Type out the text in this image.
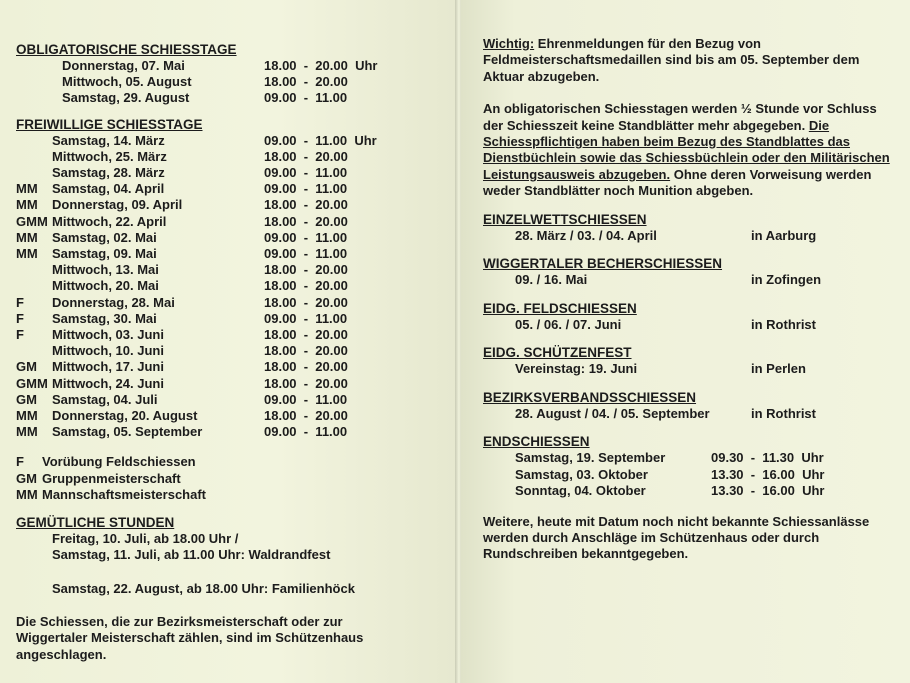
OBLIGATORISCHE SCHIESSTAGE

Donnerstag, 07. Mai	18.00  -  20.00  Uhr
Mittwoch, 05. August	18.00  -  20.00
Samstag, 29. August	09.00  -  11.00

FREIWILLIGE SCHIESSTAGE

Samstag, 14. März	09.00  -  11.00  Uhr
Mittwoch, 25. März	18.00  -  20.00
Samstag, 28. März	09.00  -  11.00
MM	Samstag, 04. April	09.00  -  11.00
MM	Donnerstag, 09. April	18.00  -  20.00
GMM Mittwoch, 22. April	18.00  -  20.00
MM	Samstag, 02. Mai	09.00  -  11.00
MM	Samstag, 09. Mai	09.00  -  11.00
Mittwoch, 13. Mai	18.00  -  20.00
Mittwoch, 20. Mai	18.00  -  20.00
F	Donnerstag, 28. Mai	18.00  -  20.00
F	Samstag, 30. Mai	09.00  -  11.00
F	Mittwoch, 03. Juni	18.00  -  20.00
Mittwoch, 10. Juni	18.00  -  20.00
GM	Mittwoch, 17. Juni	18.00  -  20.00
GMM Mittwoch, 24. Juni	18.00  -  20.00
GM	Samstag, 04. Juli	09.00  -  11.00
MM	Donnerstag, 20. August	18.00  -  20.00
MM	Samstag, 05. September	09.00  -  11.00
F	Vorübung Feldschiessen
GM Gruppenmeisterschaft
MM Mannschaftsmeisterschaft

GEMÜTLICHE STUNDEN

Freitag, 10. Juli, ab 18.00 Uhr /
Samstag, 11. Juli, ab 11.00 Uhr: Waldrandfest
Samstag, 22. August, ab 18.00 Uhr: Familienhöck

Die Schiessen, die zur Bezirksmeisterschaft oder zur Wiggertaler Meisterschaft zählen, sind im Schützenhaus angeschlagen.

Wichtig: Ehrenmeldungen für den Bezug von Feldmeisterschaftsmedaillen sind bis am 05. September dem Aktuar abzugeben.

An obligatorischen Schiesstagen werden ½ Stunde vor Schluss der Schiesszeit keine Standblätter mehr abgegeben. Die Schiesspflichtigen haben beim Bezug des Standblattes das Dienstbüchlein sowie das Schiessbüchlein oder den Militärischen Leistungsausweis abzugeben. Ohne deren Vorweisung werden weder Standblätter noch Munition abgeben.

EINZELWETTSCHIESSEN

28. März / 03. / 04. April	in Aarburg

WIGGERTALER BECHERSCHIESSEN

09. / 16. Mai	in Zofingen

EIDG. FELDSCHIESSEN

05. / 06. / 07. Juni	in Rothrist

EIDG. SCHÜTZENFEST

Vereinstag: 19. Juni	in Perlen

BEZIRKSVERBANDSSCHIESSEN

28. August / 04. / 05. September	in Rothrist

ENDSCHIESSEN

Samstag, 19. September	09.30  -  11.30  Uhr
Samstag, 03. Oktober	13.30  -  16.00  Uhr
Sonntag, 04. Oktober	13.30  -  16.00  Uhr

Weitere, heute mit Datum noch nicht bekannte Schiessanlässe werden durch Anschläge im Schützenhaus oder durch Rundschreiben bekanntgegeben.
